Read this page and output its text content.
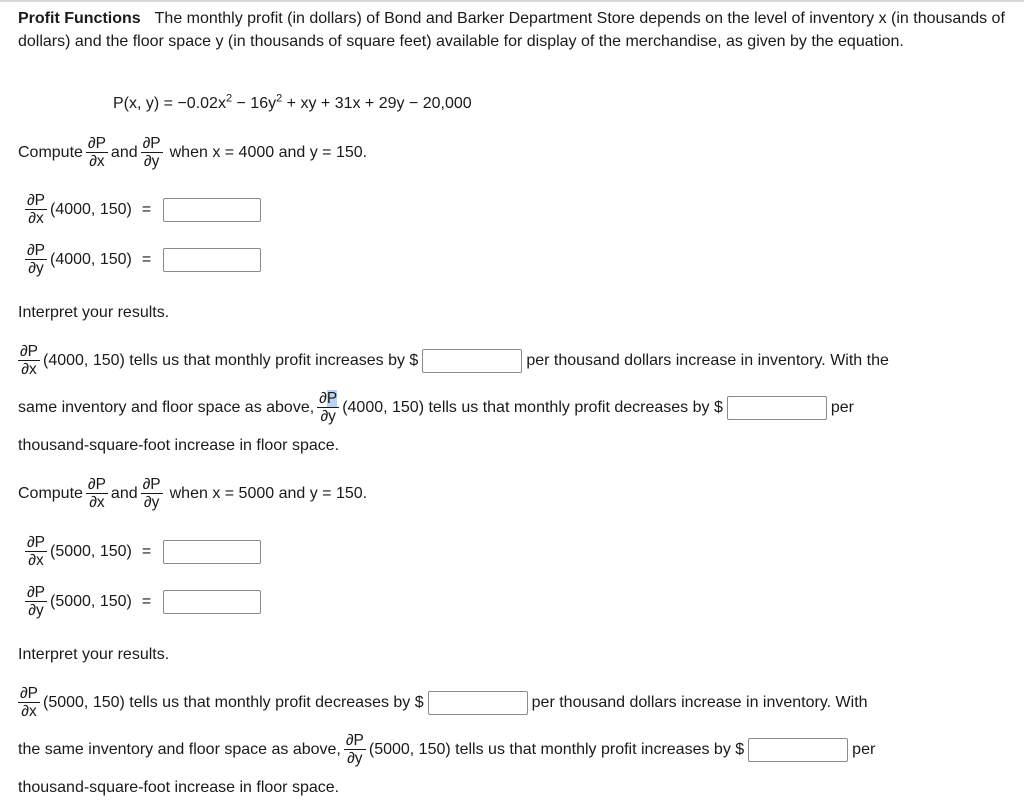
Profit Functions The monthly profit (in dollars) of Bond and Barker Department Store depends on the level of inventory x (in thousands of dollars) and the floor space y (in thousands of square feet) available for display of the merchandise, as given by the equation.
P(x, $y) = -0.02x^2 - 16y^2$ + xy + 31x + 29y − 20,000
Compute $\frac{\partial P}{\partial x}$ and $\frac{\partial P}{\partial y}$ when x = 4000 and y = 150.
$\frac{\partial P}{\partial x} (4000$, 150) =
$\frac{\partial P}{\partial y} (4000$, 150) =
Interpret your results.
$\frac{\partial P}{\partial x} (4000$, 150) tells us that monthly profit increases by $	per thousand dollars increase in inventory. With the
same inventory and floor space as above, $\frac{\partial P}{\partial y} (4000$, 150) tells us that monthly profit decreases by $	per
thousand-square-foot increase in floor space.
Compute $\frac{\partial P}{\partial x}$ and $\frac{\partial P}{\partial y}$ when x = 5000 and y = 150.
$\frac{\partial P}{\partial x} (5000$, 150) =
$\frac{\partial P}{\partial y} (5000$, 150) =
Interpret your results.
$\frac{\partial P}{\partial x} (5000$, 150) tells us that monthly profit decreases by $	per thousand dollars increase in inventory. With
the same inventory and floor space as above, $\frac{\partial P}{\partial y} (5000$, 150) tells us that monthly profit increases by $	per
thousand-square-foot increase in floor space.
